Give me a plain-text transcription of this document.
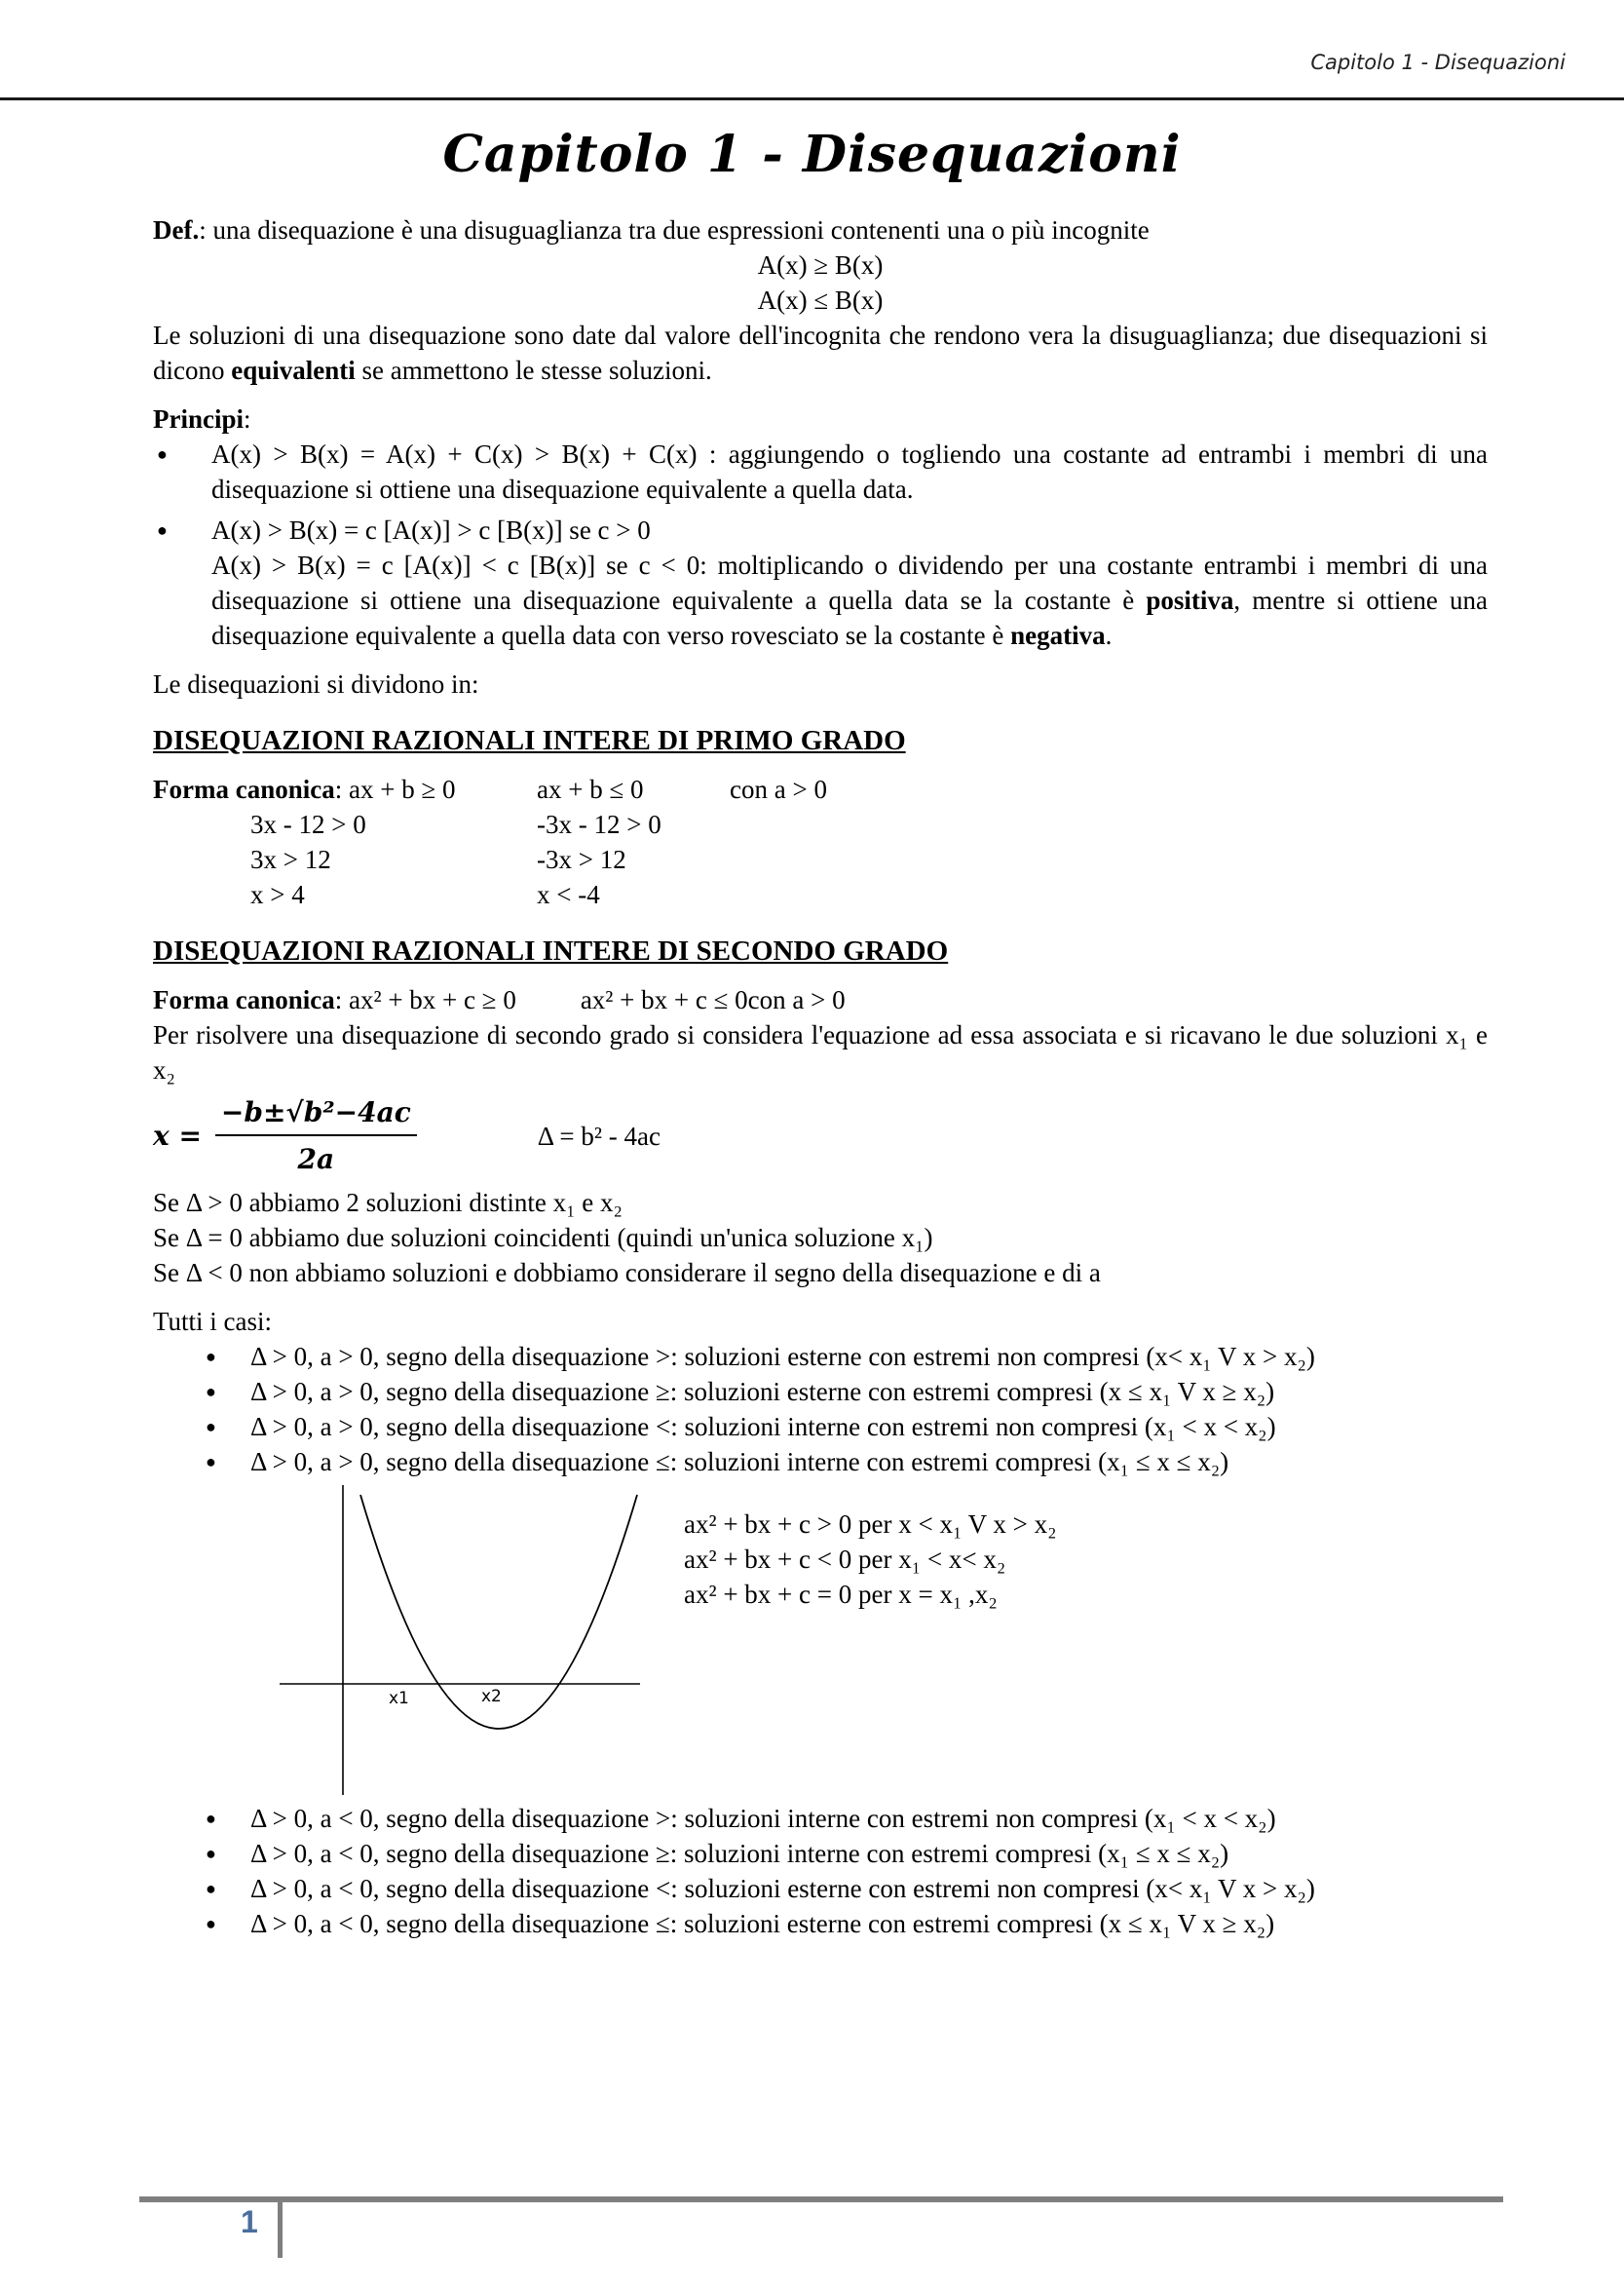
Capitolo 1 - Disequazioni
Capitolo 1 - Disequazioni

Def.: una disequazione è una disuguaglianza tra due espressioni contenenti una o più incognite

A(x) ≥ B(x)

A(x) ≤ B(x)

Le soluzioni di una disequazione sono date dal valore dell'incognita che rendono vera la disuguaglianza; due disequazioni si dicono equivalenti se ammettono le stesse soluzioni.

Principi:

● A(x) > B(x) = A(x) + C(x) > B(x) + C(x) : aggiungendo o togliendo una costante ad entrambi i membri di una disequazione si ottiene una disequazione equivalente a quella data.
● A(x) > B(x) = c [A(x)] > c [B(x)] se c > 0
A(x) > B(x) = c [A(x)] < c [B(x)] se c < 0: moltiplicando o dividendo per una costante entrambi i membri di una disequazione si ottiene una disequazione equivalente a quella data se la costante è positiva, mentre si ottiene una disequazione equivalente a quella data con verso rovesciato se la costante è negativa.

Le disequazioni si dividono in:

DISEQUAZIONI RAZIONALI INTERE DI PRIMO GRADO

Forma canonica: ax + b ≥ 0	ax + b ≤ 0	con a > 0
3x - 12 > 0	-3x - 12 > 0
3x > 12	-3x > 12
x > 4	x < -4

DISEQUAZIONI RAZIONALI INTERE DI SECONDO GRADO

Forma canonica: ax² + bx + c ≥ 0 ax² + bx + c ≤ 0con a > 0

Per risolvere una disequazione di secondo grado si considera l'equazione ad essa associata e si ricavano le due soluzioni x₁ e x₂

$x = \frac{\text{−b±√b²−4ac}}{2a}$	Δ = b² - 4ac

Se Δ > 0 abbiamo 2 soluzioni distinte x₁ e x₂

Se Δ = 0 abbiamo due soluzioni coincidenti (quindi un'unica soluzione x₁)

Se Δ < 0 non abbiamo soluzioni e dobbiamo considerare il segno della disequazione e di a

Tutti i casi:

● Δ > 0, a > 0, segno della disequazione >: soluzioni esterne con estremi non compresi (x< x₁ V x > x₂)
● Δ > 0, a > 0, segno della disequazione ≥: soluzioni esterne con estremi compresi (x ≤ x₁ V x ≥ x₂)
● Δ > 0, a > 0, segno della disequazione <: soluzioni interne con estremi non compresi (x₁ < x < x₂)
● Δ > 0, a > 0, segno della disequazione ≤: soluzioni interne con estremi compresi (x₁ ≤ x ≤ x₂)
x1	x2

ax² + bx + c > 0 per x < x₁ V x > x₂

ax² + bx + c < 0 per x₁ < x< x₂

ax² + bx + c = 0 per x = x₁ ,x₂

● Δ > 0, a < 0, segno della disequazione >: soluzioni interne con estremi non compresi (x₁ < x < x₂)
● Δ > 0, a < 0, segno della disequazione ≥: soluzioni interne con estremi compresi (x₁ ≤ x ≤ x₂)
● Δ > 0, a < 0, segno della disequazione <: soluzioni esterne con estremi non compresi (x< x₁ V x > x₂)
● Δ > 0, a < 0, segno della disequazione ≤: soluzioni esterne con estremi compresi (x ≤ x₁ V x ≥ x₂)
1
